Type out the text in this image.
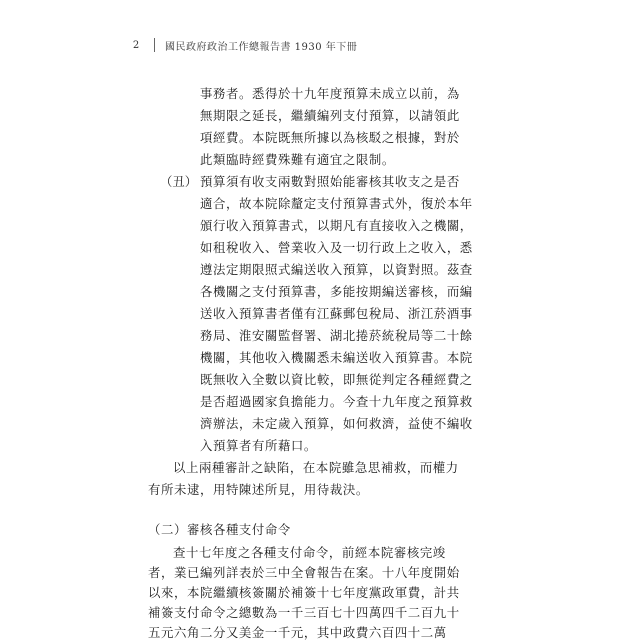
2	國民政府政治工作總報告書 1930 年下冊
事務者。悉得於十九年度預算未成立以前，為
無期限之延長，繼續編列支付預算，以請領此
項經費。本院既無所據以為核駁之根據，對於
此類臨時經費殊難有適宜之限制。
（丑） 預算須有收支兩數對照始能審核其收支之是否
適合，故本院除釐定支付預算書式外，復於本年
頒行收入預算書式，以期凡有直接收入之機關，
如租稅收入、營業收入及一切行政上之收入，悉
遵法定期限照式編送收入預算，以資對照。茲查
各機關之支付預算書，多能按期編送審核，而編
送收入預算書者僅有江蘇郵包稅局、浙江菸酒事
務局、淮安關監督署、湖北捲菸統稅局等二十餘
機關，其他收入機關悉未編送收入預算書。本院
既無收入全數以資比較，即無從判定各種經費之
是否超過國家負擔能力。今查十九年度之預算救
濟辦法，未定歲入預算，如何救濟，益使不編收
入預算者有所藉口。
以上兩種審計之缺陷，在本院雖急思補救，而權力
有所未逮，用特陳述所見，用待裁決。
（二）審核各種支付命令
查十七年度之各種支付命令，前經本院審核完竣
者，業已編列詳表於三中全會報告在案。十八年度開始
以來，本院繼續核簽關於補簽十七年度黨政軍費，計共
補簽支付命令之總數為一千三百七十四萬四千二百九十
五元六角二分又美金一千元，其中政費六百四十二萬
